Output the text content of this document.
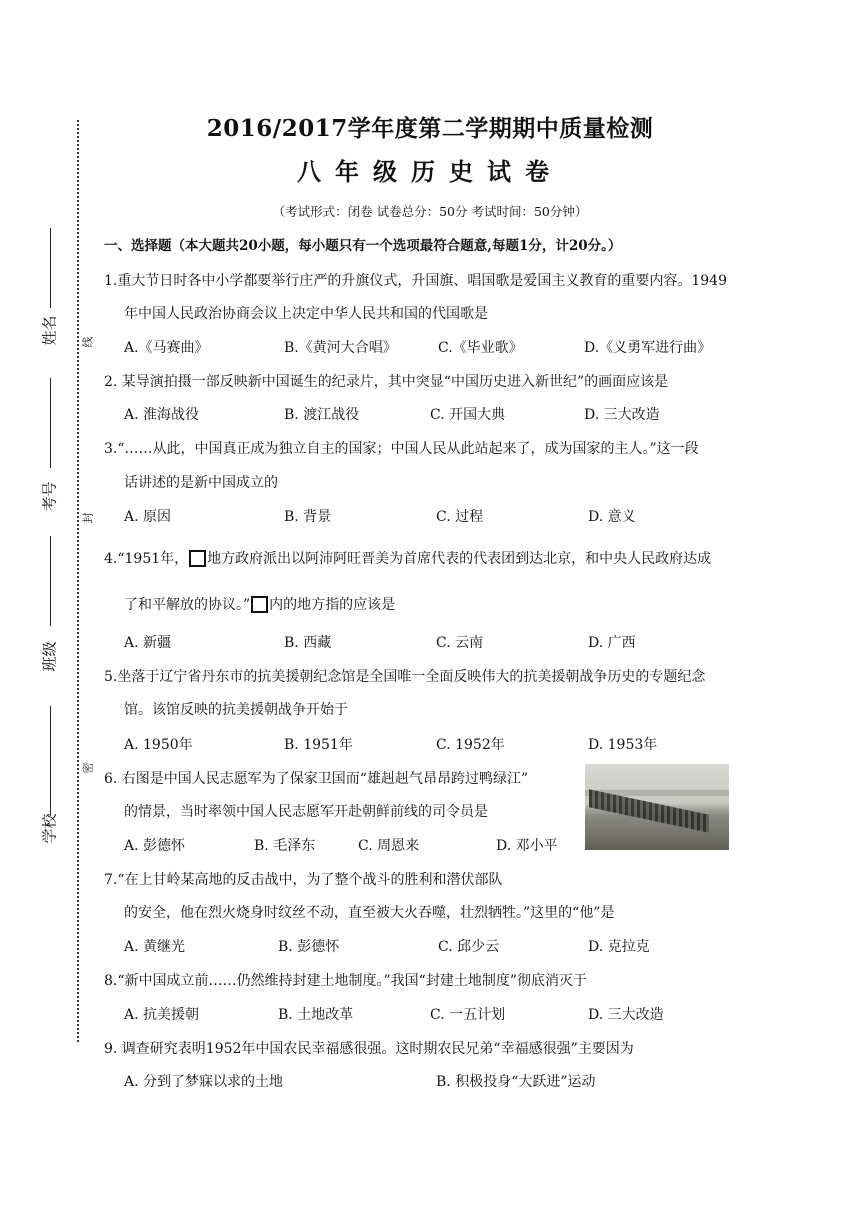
姓名
考号
班级
学校
线
封
密
2016/2017学年度第二学期期中质量检测
八年级历史试卷
（考试形式：闭卷 试卷总分：50分 考试时间：50分钟）
一、选择题（本大题共20小题，每小题只有一个选项最符合题意,每题1分，计20分。）
1.重大节日时各中小学都要举行庄严的升旗仪式，升国旗、唱国歌是爱国主义教育的重要内容。1949
年中国人民政治协商会议上决定中华人民共和国的代国歌是
A.《马赛曲》	B.《黄河大合唱》	C.《毕业歌》	D.《义勇军进行曲》
2. 某导演拍摄一部反映新中国诞生的纪录片，其中突显“中国历史进入新世纪”的画面应该是
A. 淮海战役	B. 渡江战役	C. 开国大典	D. 三大改造
3.“……从此，中国真正成为独立自主的国家；中国人民从此站起来了，成为国家的主人。”这一段
话讲述的是新中国成立的
A. 原因	B. 背景	C. 过程	D. 意义
4.“1951年， 地方政府派出以阿沛阿旺晋美为首席代表的代表团到达北京，和中央人民政府达成
了和平解放的协议。” 内的地方指的应该是
A. 新疆	B. 西藏	C. 云南	D. 广西
5.坐落于辽宁省丹东市的抗美援朝纪念馆是全国唯一全面反映伟大的抗美援朝战争历史的专题纪念
馆。该馆反映的抗美援朝战争开始于
A. 1950年	B. 1951年	C. 1952年	D. 1953年
6. 右图是中国人民志愿军为了保家卫国而“雄赳赳气昂昂跨过鸭绿江”
的情景，当时率领中国人民志愿军开赴朝鲜前线的司令员是
A. 彭德怀	B. 毛泽东	C. 周恩来	D. 邓小平
7.“在上甘岭某高地的反击战中，为了整个战斗的胜利和潜伏部队
的安全，他在烈火烧身时纹丝不动，直至被大火吞噬，壮烈牺牲。”这里的“他”是
A. 黄继光	B. 彭德怀	C. 邱少云	D. 克拉克
8.“新中国成立前……仍然维持封建土地制度。”我国“封建土地制度”彻底消灭于
A. 抗美援朝	B. 土地改革	C. 一五计划	D. 三大改造
9. 调查研究表明1952年中国农民幸福感很强。这时期农民兄弟“幸福感很强”主要因为
A. 分到了梦寐以求的土地	B. 积极投身“大跃进”运动
